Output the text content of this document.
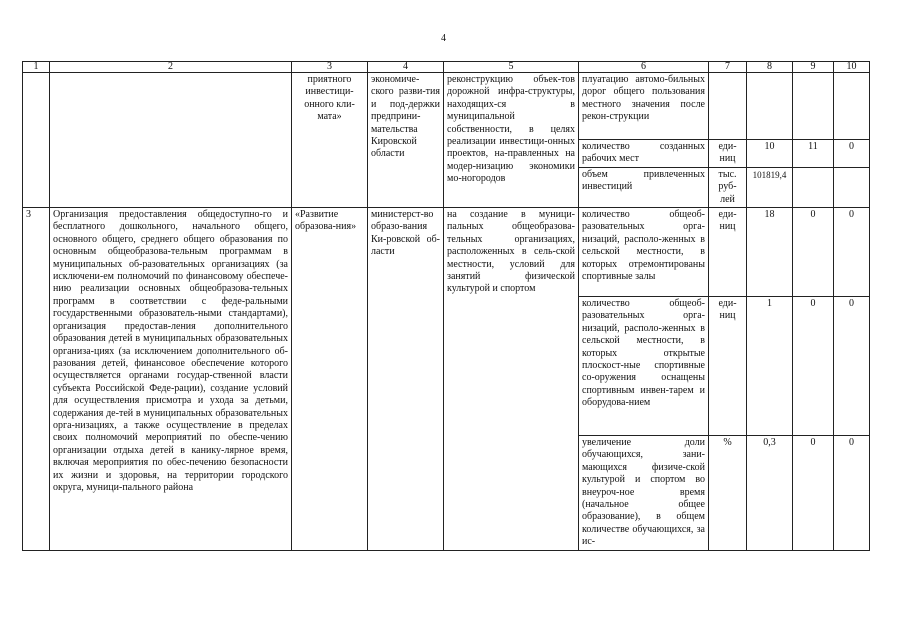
4
1	2	3	4	5	6	7	8	9	10
		приятного инвестици-онного кли-мата»	экономиче-ского разви-тия и под-держки предприни-мательства Кировской области	реконструкцию объек-тов дорожной инфра-структуры, находящих-ся в муниципальной собственности, в целях реализации инвестици-онных проектов, на-правленных на модер-низацию экономики мо-ногородов	плуатацию автомо-бильных дорог общего пользования местного значения после рекон-струкции				
					количество созданных рабочих мест	еди-ниц	10	11	0
					объем привлеченных инвестиций	тыс. руб-лей	101819,4		
3	Организация предоставления общедоступно-го и бесплатного дошкольного, начального общего, основного общего, среднего общего образования по основным общеобразова-тельным программам в муниципальных об-разовательных организациях (за исключени-ем полномочий по финансовому обеспече-нию реализации основных общеобразова-тельных программ в соответствии с феде-ральными государственными образователь-ными стандартами), организация предостав-ления дополнительного образования детей в муниципальных образовательных организа-циях (за исключением дополнительного об-разования детей, финансовое обеспечение которого осуществляется органами государ-ственной власти субъекта Российской Феде-рации), создание условий для осуществления присмотра и ухода за детьми, содержания де-тей в муниципальных образовательных орга-низациях, а также осуществление в пределах своих полномочий мероприятий по обеспе-чению организации отдыха детей в канику-лярное время, включая мероприятия по обес-печению безопасности их жизни и здоровья, на территории городского округа, муници-пального района	«Развитие образова-ния»	министерст-во образо-вания Ки-ровской об-ласти	на создание в муници-пальных общеобразова-тельных организациях, расположенных в сель-ской местности, условий для занятий физической культурой и спортом	количество общеоб-разовательных орга-низаций, располо-женных в сельской местности, в которых отремонтированы спортивные залы	еди-ниц	18	0	0
					количество общеоб-разовательных орга-низаций, располо-женных в сельской местности, в которых открытые плоскост-ные спортивные со-оружения оснащены спортивным инвен-тарем и оборудова-нием	еди-ниц	1	0	0
					увеличение доли обучающихся, зани-мающихся физиче-ской культурой и спортом во внеуроч-ное время (начальное общее образование), в общем количестве обучающихся, за ис-	%	0,3	0	0
